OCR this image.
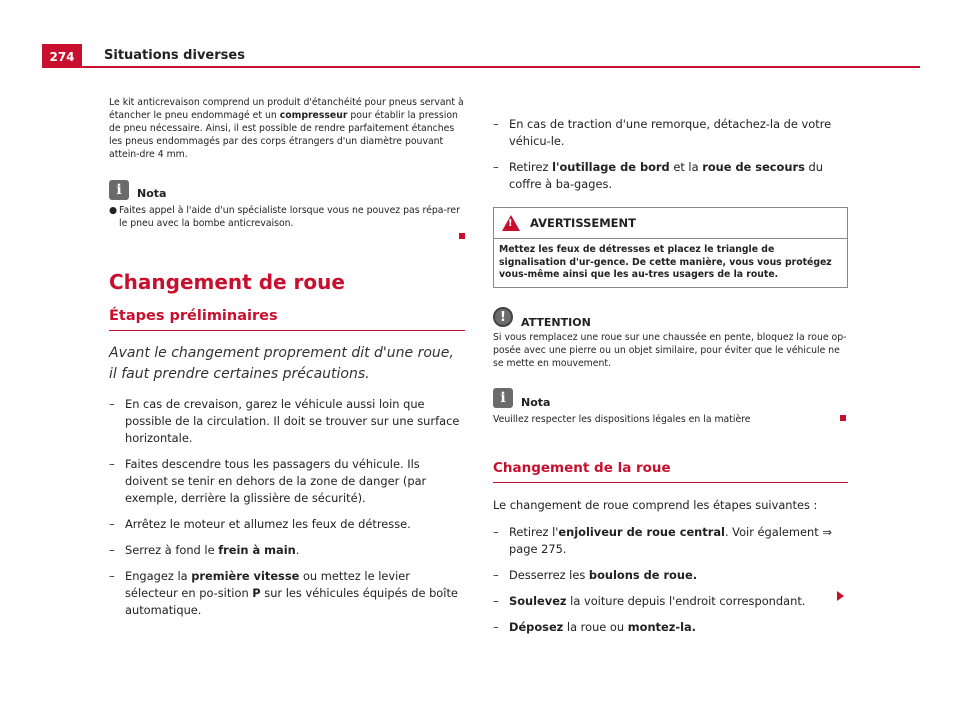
274	Situations diverses

Le kit anticrevaison comprend un produit d'étanchéité pour pneus servant à étancher le pneu endommagé et un compresseur pour établir la pression de pneu nécessaire. Ainsi, il est possible de rendre parfaitement étanches les pneus endommagés par des corps étrangers d'un diamètre pouvant attein-dre 4 mm.

i	Nota

● Faites appel à l'aide d'un spécialiste lorsque vous ne pouvez pas répa-rer le pneu avec la bombe anticrevaison.

Changement de roue
Étapes préliminaires

Avant le changement proprement dit d'une roue, il faut prendre certaines précautions.

– En cas de crevaison, garez le véhicule aussi loin que possible de la circulation. Il doit se trouver sur une surface horizontale.
– Faites descendre tous les passagers du véhicule. Ils doivent se tenir en dehors de la zone de danger (par exemple, derrière la glissière de sécurité).
– Arrêtez le moteur et allumez les feux de détresse.
– Serrez à fond le frein à main.
– Engagez la première vitesse ou mettez le levier sélecteur en po-sition P sur les véhicules équipés de boîte automatique.
– En cas de traction d'une remorque, détachez-la de votre véhicu-le.
– Retirez l'outillage de bord et la roue de secours du coffre à ba-gages.
! AVERTISSEMENT

Mettez les feux de détresses et placez le triangle de signalisation d'ur-gence. De cette manière, vous vous protégez vous-même ainsi que les au-tres usagers de la route.

!	ATTENTION

Si vous remplacez une roue sur une chaussée en pente, bloquez la roue op-posée avec une pierre ou un objet similaire, pour éviter que le véhicule ne se mette en mouvement.

i	Nota

Veuillez respecter les dispositions légales en la matière

Changement de la roue

Le changement de roue comprend les étapes suivantes :

– Retirez l'enjoliveur de roue central. Voir également ⇒ page 275.
– Desserrez les boulons de roue.
– Soulevez la voiture depuis l'endroit correspondant.
– Déposez la roue ou montez-la.
